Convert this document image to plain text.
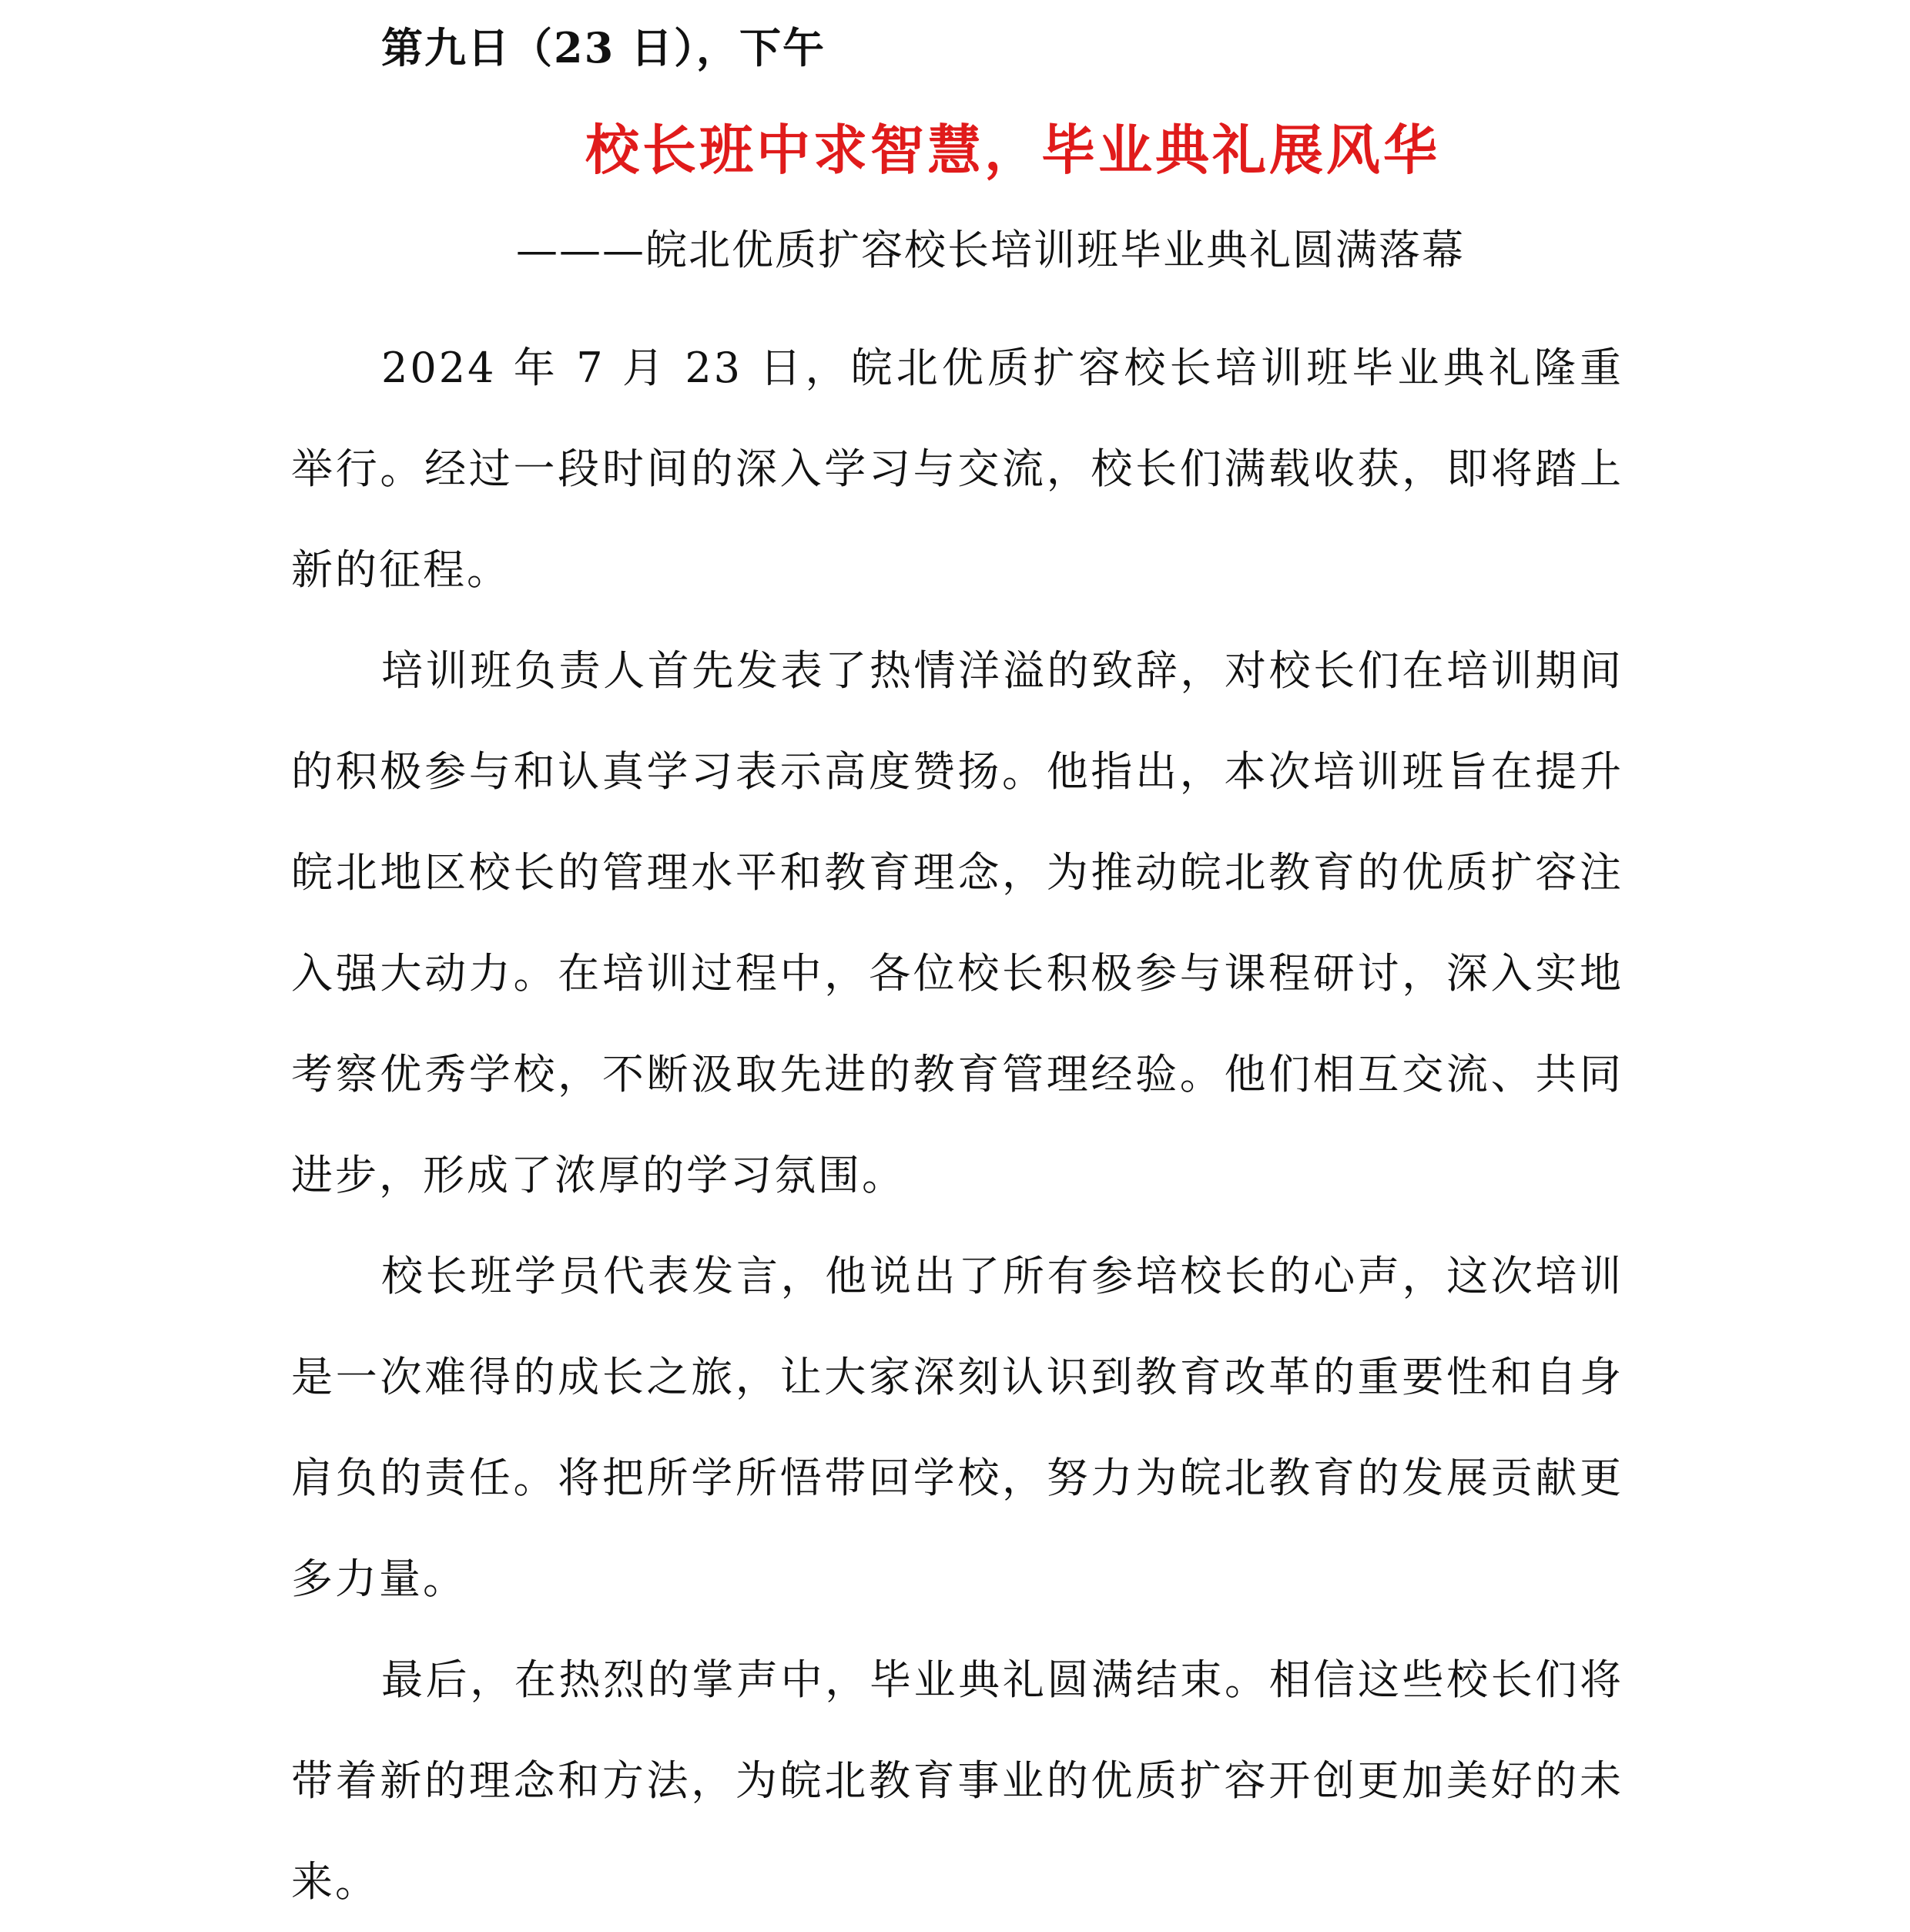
第九日（23 日），下午
校长班中求智慧，毕业典礼展风华
———皖北优质扩容校长培训班毕业典礼圆满落幕

2024 年 7 月 23 日，皖北优质扩容校长培训班毕业典礼隆重举行。经过一段时间的深入学习与交流，校长们满载收获，即将踏上新的征程。

培训班负责人首先发表了热情洋溢的致辞，对校长们在培训期间的积极参与和认真学习表示高度赞扬。他指出，本次培训班旨在提升皖北地区校长的管理水平和教育理念，为推动皖北教育的优质扩容注入强大动力。在培训过程中，各位校长积极参与课程研讨，深入实地考察优秀学校，不断汲取先进的教育管理经验。他们相互交流、共同进步，形成了浓厚的学习氛围。

校长班学员代表发言，他说出了所有参培校长的心声，这次培训是一次难得的成长之旅，让大家深刻认识到教育改革的重要性和自身肩负的责任。将把所学所悟带回学校，努力为皖北教育的发展贡献更多力量。

最后，在热烈的掌声中，毕业典礼圆满结束。相信这些校长们将带着新的理念和方法，为皖北教育事业的优质扩容开创更加美好的未来。
